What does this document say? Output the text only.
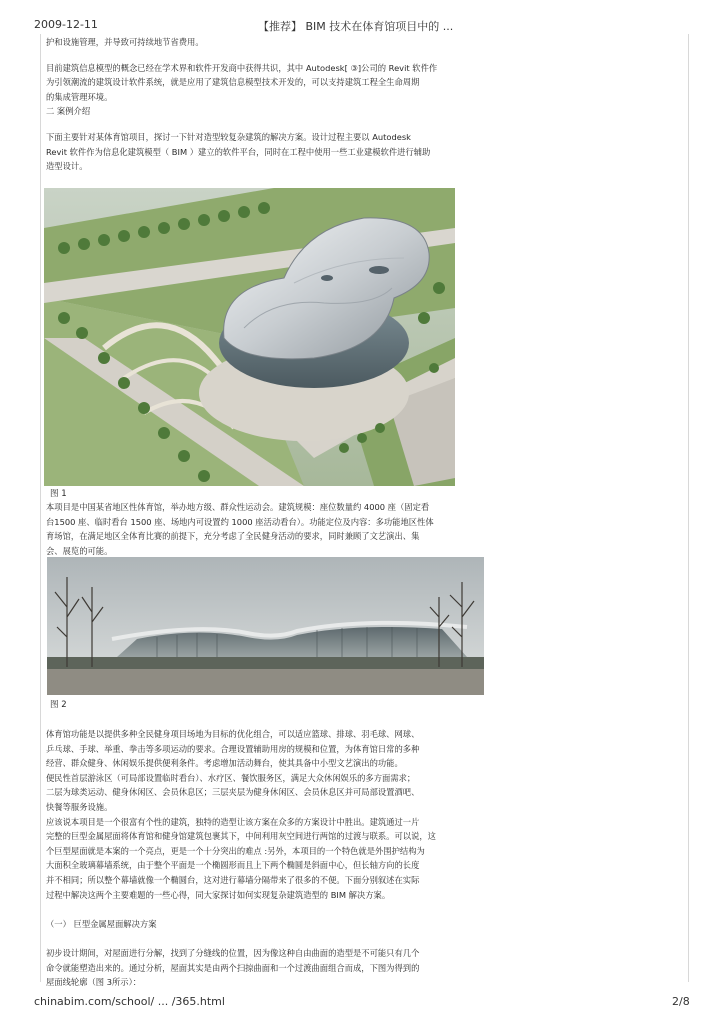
2009-12-11	【推荐】 BIM 技术在体育馆项目中的 ...

护和设施管理，并导致可持续地节省费用。

目前建筑信息模型的概念已经在学术界和软件开发商中获得共识，其中 Autodesk[ ③]公司的 Revit 软件作

为引领潮流的建筑设计软件系统，就是应用了建筑信息模型技术开发的，可以支持建筑工程全生命周期

的集成管理环境。

二 案例介绍

下面主要针对某体育馆项目，探讨一下针对造型较复杂建筑的解决方案。设计过程主要以 Autodesk

Revit 软件作为信息化建筑模型（ BIM ）建立的软件平台，同时在工程中使用一些工业建模软件进行辅助

造型设计。

图 1

本项目是中国某省地区性体育馆，举办地方级、群众性运动会。建筑规模：座位数量约 4000 座（固定看

台1500 座、临时看台 1500 座、场地内可设置约 1000 座活动看台）。功能定位及内容：多功能地区性体

育场馆，在满足地区全体育比赛的前提下，充分考虑了全民健身活动的要求，同时兼顾了文艺演出、集

会、展览的可能。

图 2

体育馆功能是以提供多种全民健身项目场地为目标的优化组合，可以适应篮球、排球、羽毛球、网球、

乒乓球、手球、举重、拳击等多项运动的要求。合理设置辅助用房的规模和位置，为体育馆日常的多种

经营、群众健身、休闲娱乐提供便利条件。考虑增加活动舞台，使其具备中小型文艺演出的功能。

便民性首层游泳区（可局部设置临时看台）、水疗区、餐饮服务区，满足大众休闲娱乐的多方面需求；

二层为球类运动、健身休闲区、会员休息区；三层夹层为健身休闲区、会员休息区并可局部设置酒吧、

快餐等服务设施。

应该说本项目是一个很富有个性的建筑，独特的造型让该方案在众多的方案设计中胜出。建筑通过一片

完整的巨型金属屋面将体育馆和健身馆建筑包裹其下，中间利用灰空间进行两馆的过渡与联系。可以说，这

个巨型屋面就是本案的一个亮点，更是一个十分突出的难点 :另外，本项目的一个特色就是外围护结构为

大面积全玻璃幕墙系统，由于整个平面是一个椭圆形而且上下两个椭圆是斜面中心，但长轴方向的长度

并不相同；所以整个幕墙就像一个椭圆台，这对进行幕墙分隔带来了很多的不便。下面分别叙述在实际

过程中解决这两个主要难题的一些心得，同大家探讨如何实现复杂建筑造型的 BIM 解决方案。

（一） 巨型金属屋面解决方案

初步设计期间，对屋面进行分解，找到了分缝线的位置，因为像这种自由曲面的造型是不可能只有几个

命令就能塑造出来的。通过分析，屋面其实是由两个扫掠曲面和一个过渡曲面组合而成，下图为得到的

屋面线轮廓（图 3所示）：

chinabim.com/school/ ... /365.html	2/8
